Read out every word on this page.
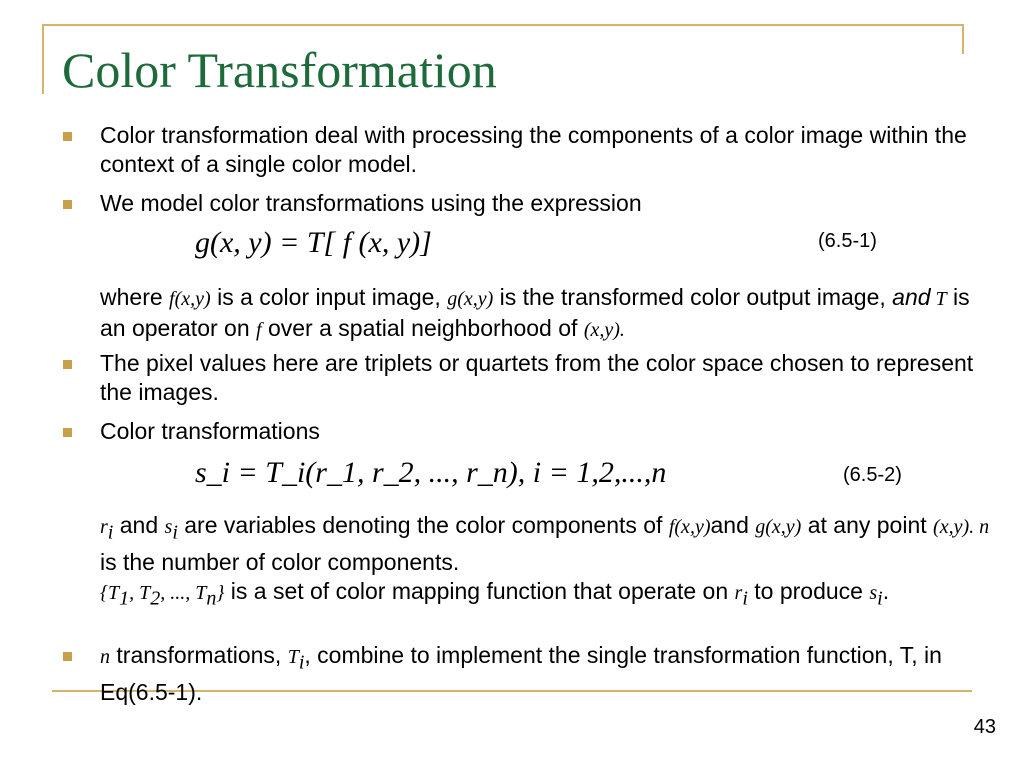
Color Transformation
Color transformation deal with processing the components of a color image within the context of a single color model.
We model color transformations using the expression
g(x, y) = T[ f (x, y)]	(6.5-1)
where f(x,y) is a color input image, g(x,y) is the transformed color output image, and T is an operator on f over a spatial neighborhood of (x,y).
The pixel values here are triplets or quartets from the color space chosen to represent the images.
Color transformations
s_i = T_i(r_1, r_2, ..., r_n), i = 1,2,...,n	(6.5-2)
$r_i$ and $s_i$ are variables denoting the color components of f(x,y)and g(x,y) at any point (x,y). n is the number of color components.
{$T_1$, $T_2$, ..., $T_n$} is a set of color mapping function that operate on $r_i$ to produce $s_i$.
n transformations, $T_i$, combine to implement the single transformation function, T, in Eq(6.5-1).
43
